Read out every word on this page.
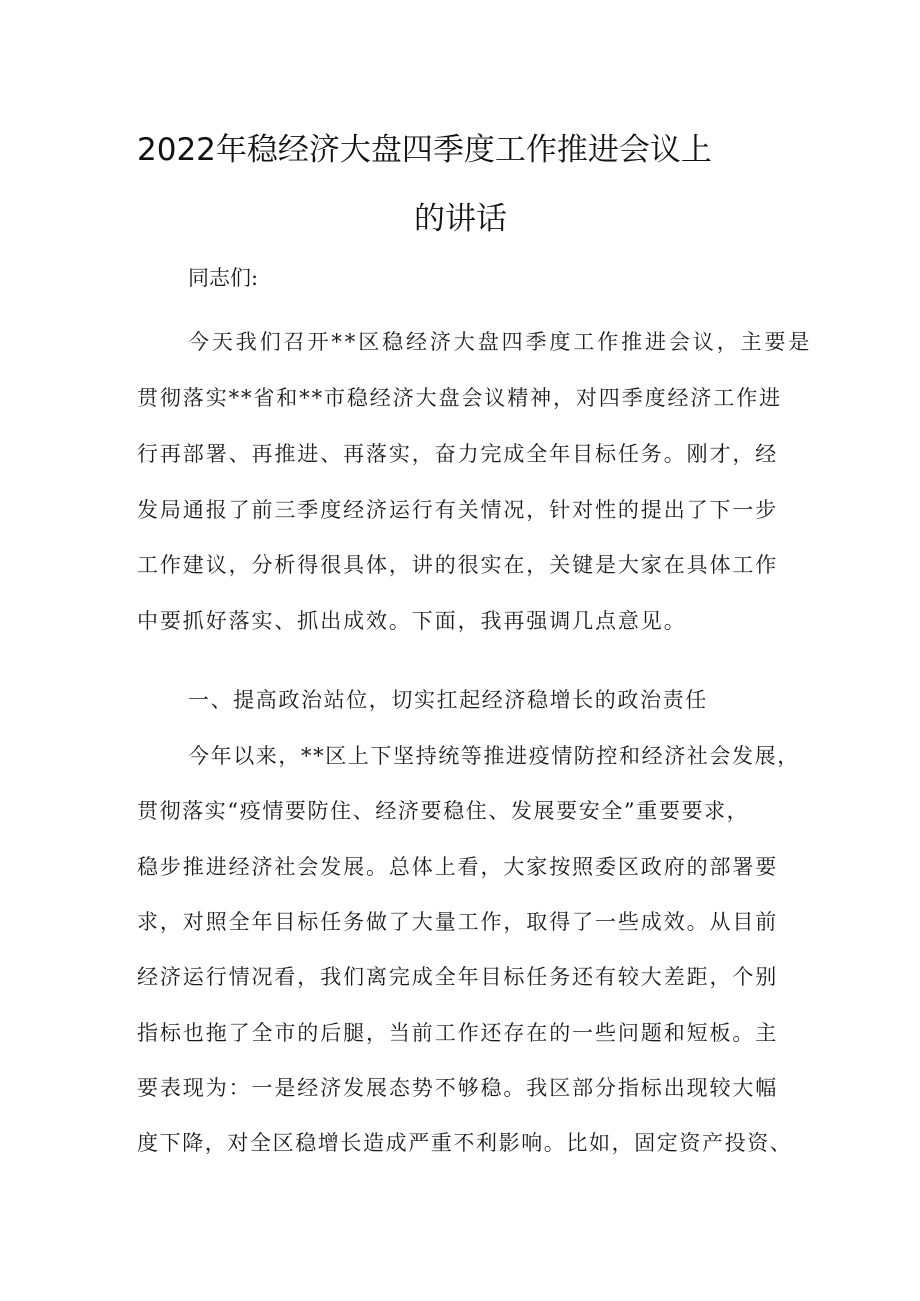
2022年稳经济大盘四季度工作推进会议上
的讲话
同志们:
今天我们召开**区稳经济大盘四季度工作推进会议，主要是
贯彻落实**省和**市稳经济大盘会议精神，对四季度经济工作进
行再部署、再推进、再落实，奋力完成全年目标任务。刚才，经
发局通报了前三季度经济运行有关情况，针对性的提出了下一步
工作建议，分析得很具体，讲的很实在，关键是大家在具体工作
中要抓好落实、抓出成效。下面，我再强调几点意见。
一、提高政治站位，切实扛起经济稳增长的政治责任
今年以来，**区上下坚持统等推进疫情防控和经济社会发展，
贯彻落实“疫情要防住、经济要稳住、发展要安全”重要要求，
稳步推进经济社会发展。总体上看，大家按照委区政府的部署要
求，对照全年目标任务做了大量工作，取得了一些成效。从目前
经济运行情况看，我们离完成全年目标任务还有较大差距，个别
指标也拖了全市的后腿，当前工作还存在的一些问题和短板。主
要表现为：一是经济发展态势不够稳。我区部分指标出现较大幅
度下降，对全区稳增长造成严重不利影响。比如，固定资产投资、
